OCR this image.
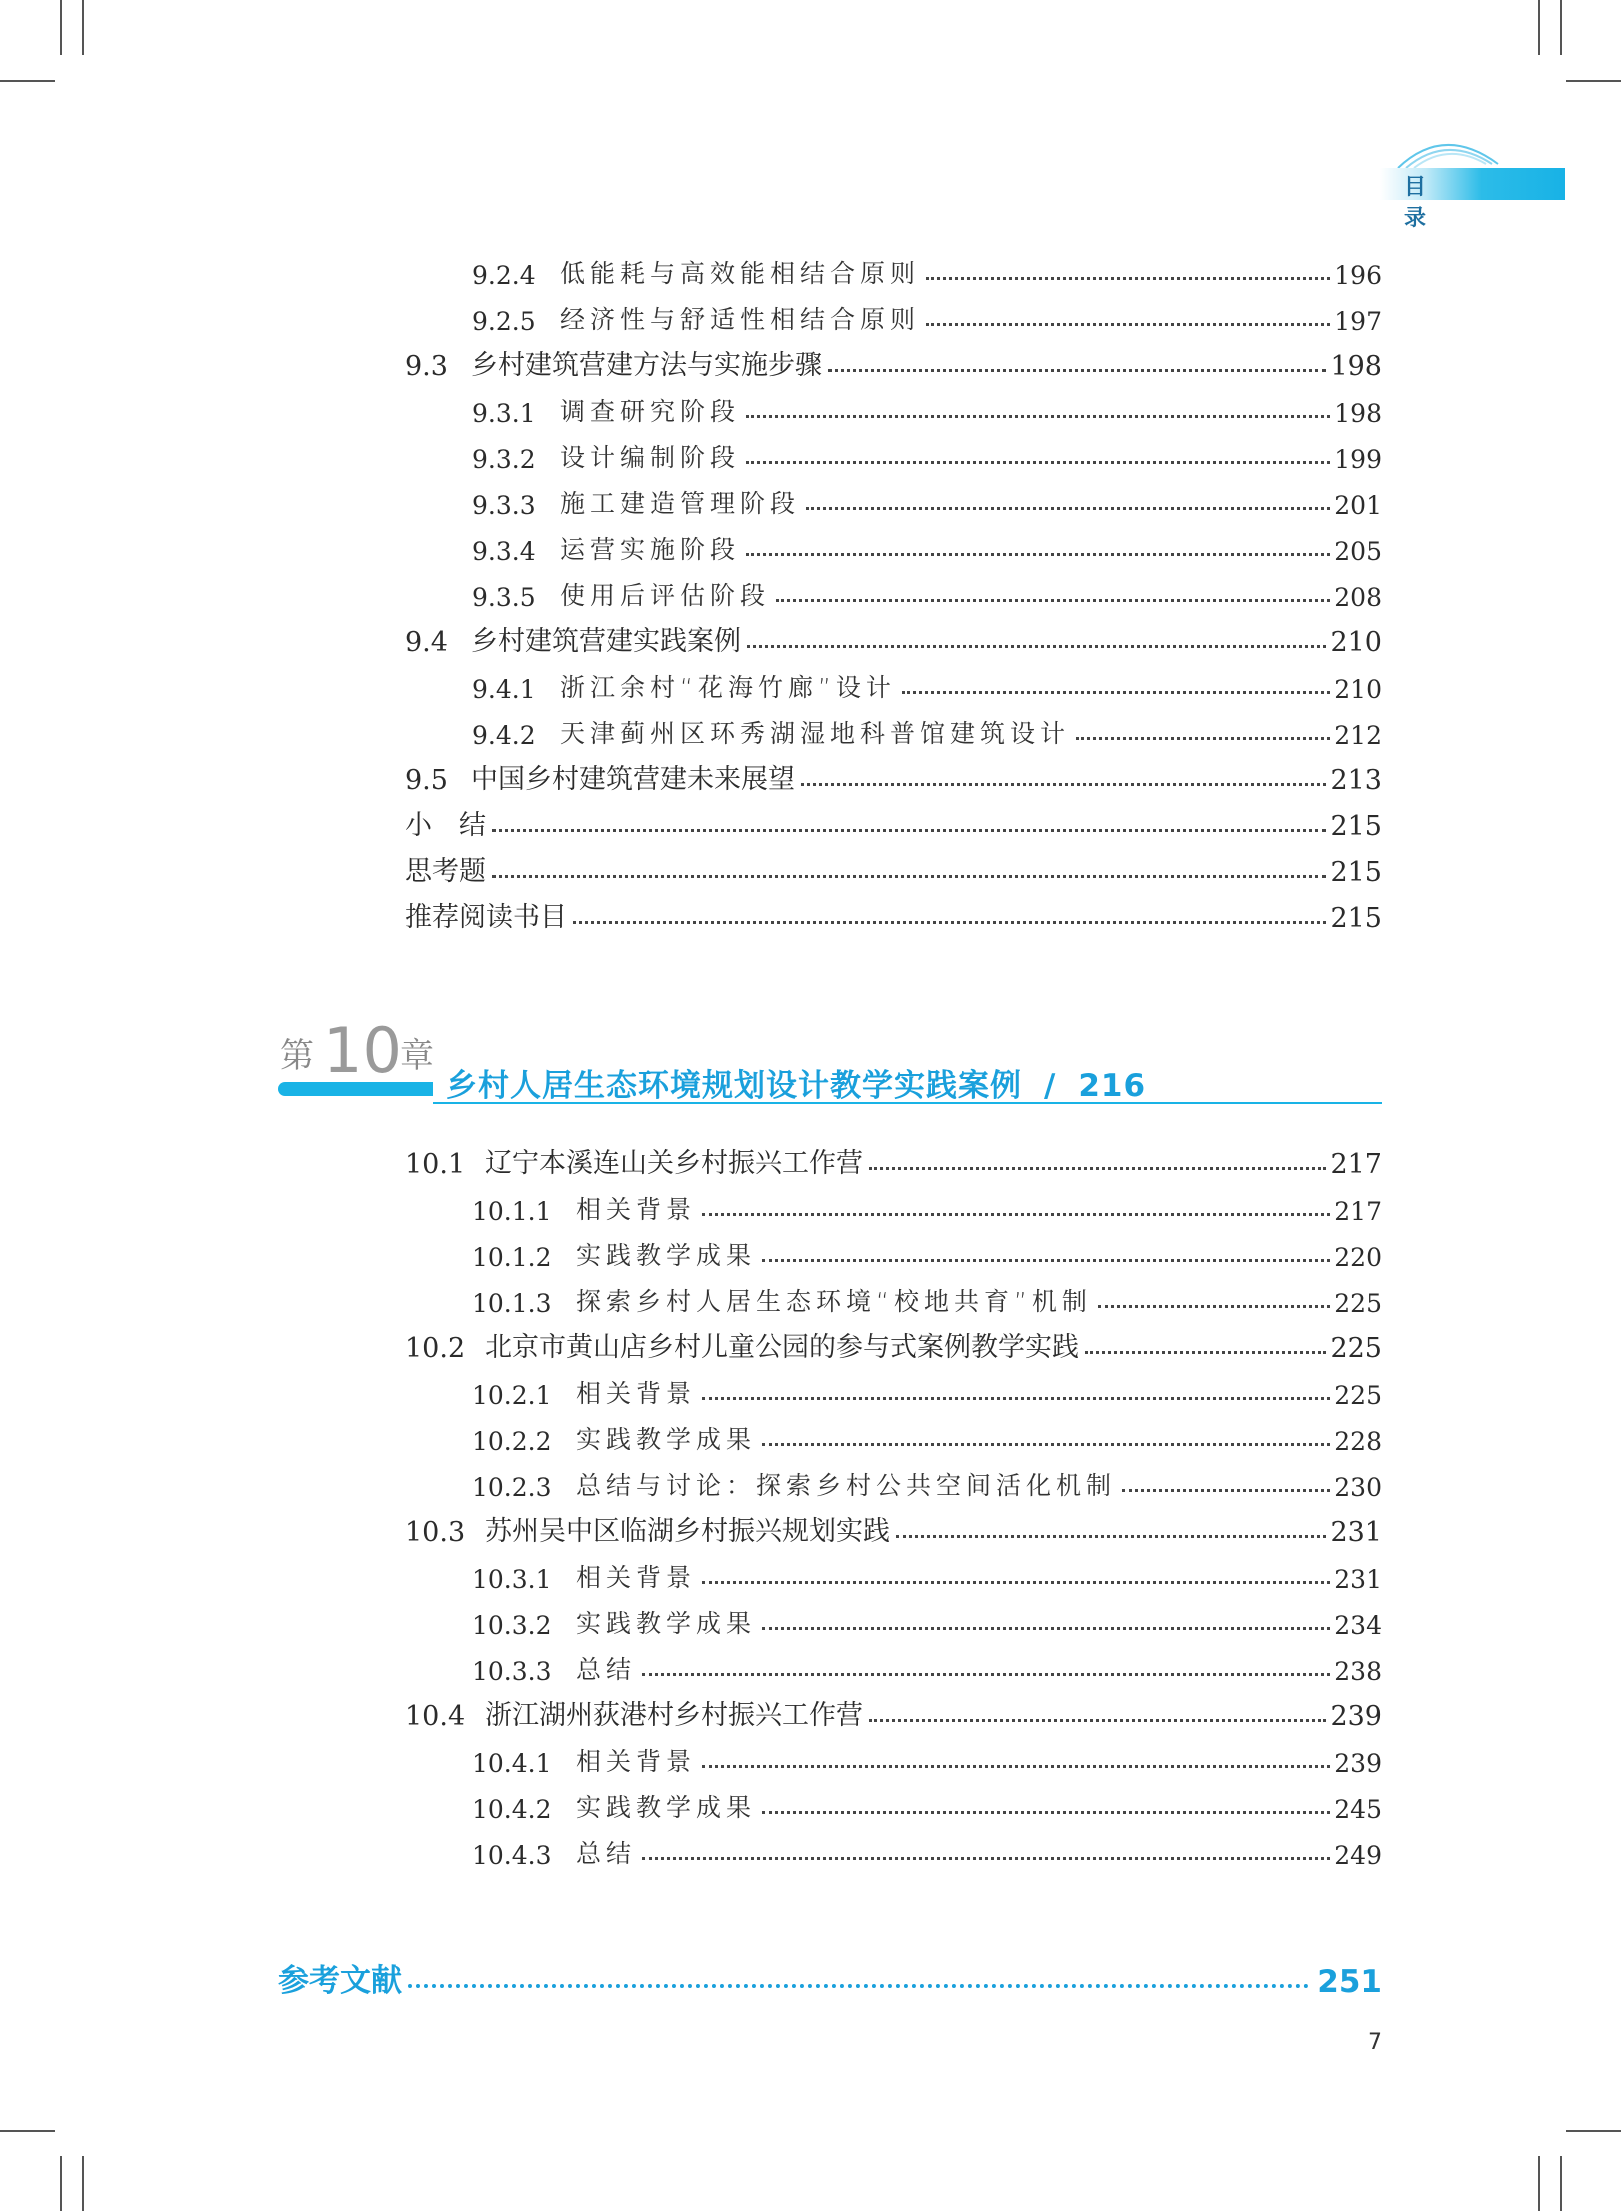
目 录
9.2.4 低能耗与高效能相结合原则	196
9.2.5 经济性与舒适性相结合原则	197
9.3 乡村建筑营建方法与实施步骤	198
9.3.1 调查研究阶段	198
9.3.2 设计编制阶段	199
9.3.3 施工建造管理阶段	201
9.3.4 运营实施阶段	205
9.3.5 使用后评估阶段	208
9.4 乡村建筑营建实践案例	210
9.4.1 浙江余村“花海竹廊”设计	210
9.4.2 天津蓟州区环秀湖湿地科普馆建筑设计	212
9.5 中国乡村建筑营建未来展望	213
小　结	215
思考题	215
推荐阅读书目	215
第 10
章
乡村人居生态环境规划设计教学实践案例 / 216
10.1 辽宁本溪连山关乡村振兴工作营	217
10.1.1 相关背景	217
10.1.2 实践教学成果	220
10.1.3 探索乡村人居生态环境“校地共育”机制	225
10.2 北京市黄山店乡村儿童公园的参与式案例教学实践	225
10.2.1 相关背景	225
10.2.2 实践教学成果	228
10.2.3 总结与讨论：探索乡村公共空间活化机制	230
10.3 苏州吴中区临湖乡村振兴规划实践	231
10.3.1 相关背景	231
10.3.2 实践教学成果	234
10.3.3 总结	238
10.4 浙江湖州荻港村乡村振兴工作营	239
10.4.1 相关背景	239
10.4.2 实践教学成果	245
10.4.3 总结	249
参考文献	251
7
